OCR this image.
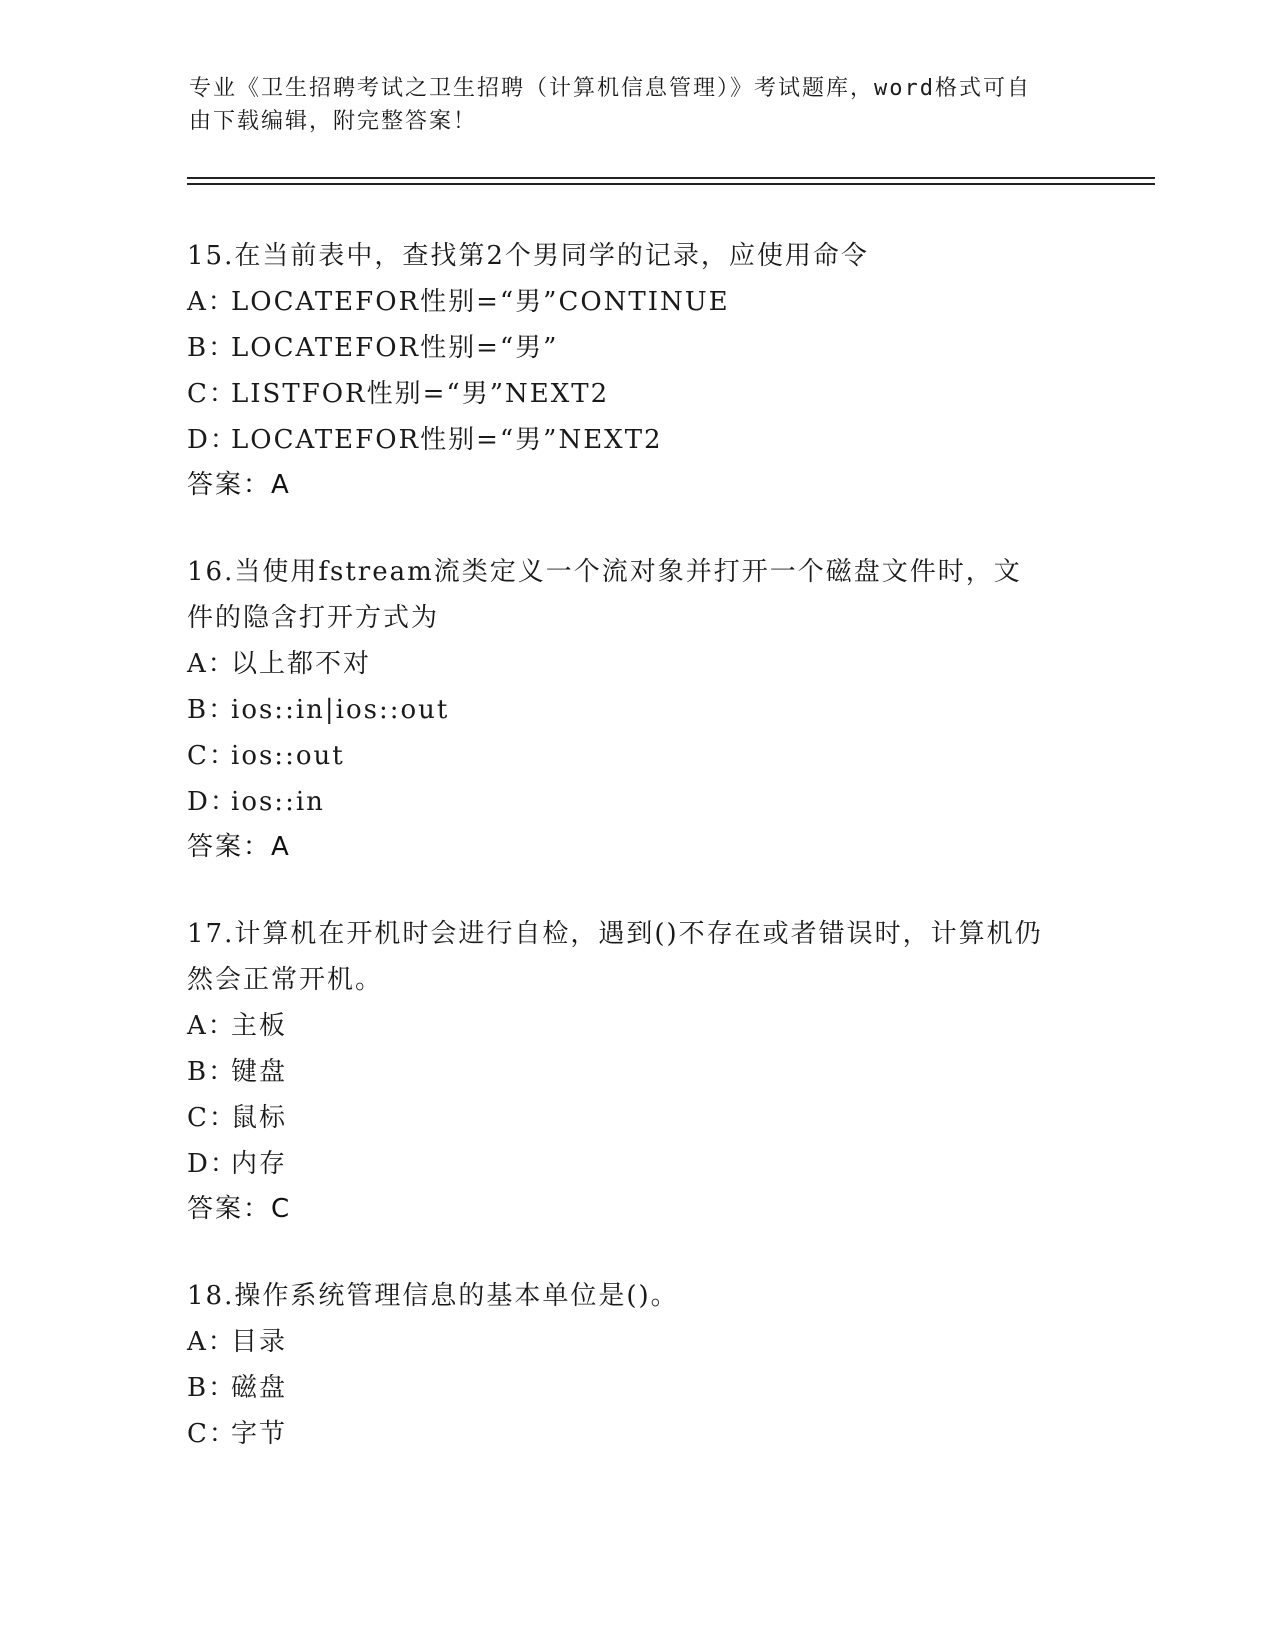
专业《卫生招聘考试之卫生招聘（计算机信息管理）》考试题库，word格式可自
由下载编辑，附完整答案！
15.在当前表中，查找第2个男同学的记录，应使用命令
A：LOCATEFOR性别=“男”CONTINUE
B：LOCATEFOR性别=“男”
C：LISTFOR性别=“男”NEXT2
D：LOCATEFOR性别=“男”NEXT2
答案：A
16.当使用fstream流类定义一个流对象并打开一个磁盘文件时，文件的隐含打开方式为
A：以上都不对
B：ios::in|ios::out
C：ios::out
D：ios::in
答案：A
17.计算机在开机时会进行自检，遇到()不存在或者错误时，计算机仍然会正常开机。
A：主板
B：键盘
C：鼠标
D：内存
答案：C
18.操作系统管理信息的基本单位是()。
A：目录
B：磁盘
C：字节
